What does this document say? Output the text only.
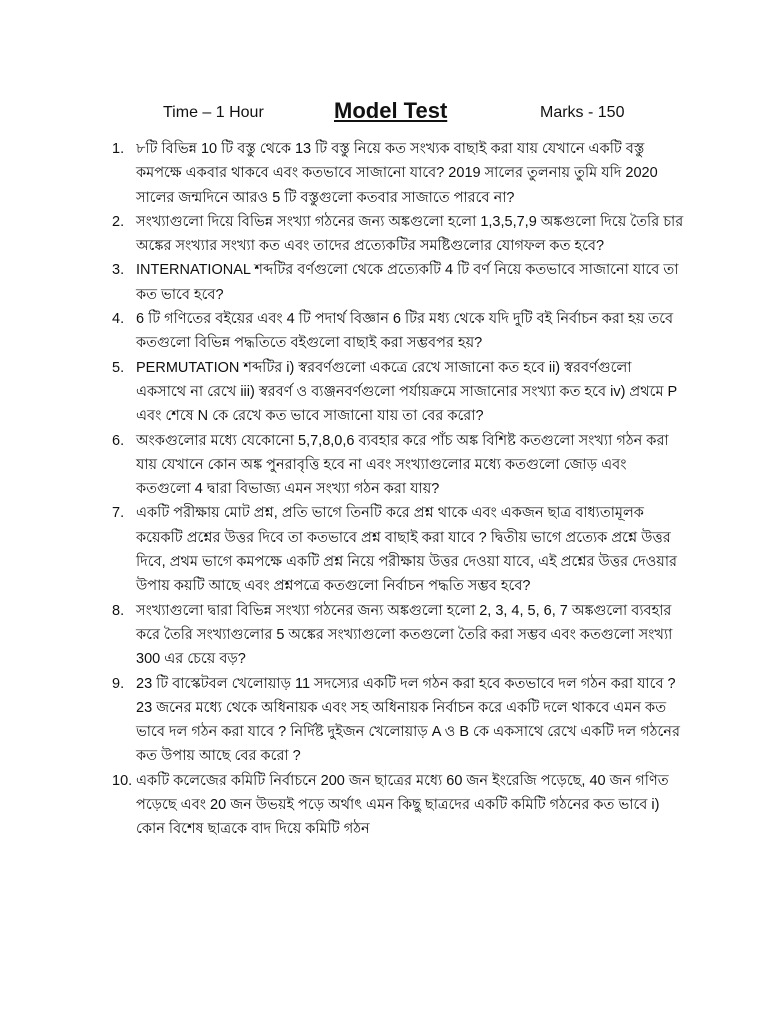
Time – 1 Hour	Model Test	Marks - 150
1. ৮টি বিভিন্ন 10 টি বস্তু থেকে 13 টি বস্তু নিয়ে কত সংখ্যক বাছাই করা যায় যেখানে একটি বস্তু কমপক্ষে একবার থাকবে এবং কতভাবে সাজানো যাবে? 2019 সালের তুলনায় তুমি যদি 2020 সালের জন্মদিনে আরও 5 টি বস্তুগুলো কতবার সাজাতে পারবে না?
2. সংখ্যাগুলো দিয়ে বিভিন্ন সংখ্যা গঠনের জন্য অঙ্কগুলো হলো 1,3,5,7,9 অঙ্কগুলো দিয়ে তৈরি চার অঙ্কের সংখ্যার সংখ্যা কত এবং তাদের প্রত্যেকটির সমষ্টিগুলোর যোগফল কত হবে?
3. INTERNATIONAL শব্দটির বর্ণগুলো থেকে প্রত্যেকটি 4 টি বর্ণ নিয়ে কতভাবে সাজানো যাবে তা কত ভাবে হবে?
4. 6 টি গণিতের বইয়ের এবং 4 টি পদার্থ বিজ্ঞান 6 টির মধ্য থেকে যদি দুটি বই নির্বাচন করা হয় তবে কতগুলো বিভিন্ন পদ্ধতিতে বইগুলো বাছাই করা সম্ভবপর হয়?
5. PERMUTATION শব্দটির i) স্বরবর্ণগুলো একত্রে রেখে সাজানো কত হবে ii) স্বরবর্ণগুলো একসাথে না রেখে iii) স্বরবর্ণ ও ব্যঞ্জনবর্ণগুলো পর্যায়ক্রমে সাজানোর সংখ্যা কত হবে iv) প্রথমে P এবং শেষে N কে রেখে কত ভাবে সাজানো যায় তা বের করো?
6. অংকগুলোর মধ্যে যেকোনো 5,7,8,0,6 ব্যবহার করে পাঁচ অঙ্ক বিশিষ্ট কতগুলো সংখ্যা গঠন করা যায় যেখানে কোন অঙ্ক পুনরাবৃত্তি হবে না এবং সংখ্যাগুলোর মধ্যে কতগুলো জোড় এবং কতগুলো 4 দ্বারা বিভাজ্য এমন সংখ্যা গঠন করা যায়?
7. একটি পরীক্ষায় মোট প্রশ্ন, প্রতি ভাগে তিনটি করে প্রশ্ন থাকে এবং একজন ছাত্র বাধ্যতামূলক কয়েকটি প্রশ্নের উত্তর দিবে তা কতভাবে প্রশ্ন বাছাই করা যাবে ? দ্বিতীয় ভাগে প্রত্যেক প্রশ্নে উত্তর দিবে, প্রথম ভাগে কমপক্ষে একটি প্রশ্ন নিয়ে পরীক্ষায় উত্তর দেওয়া যাবে, এই প্রশ্নের উত্তর দেওয়ার উপায় কয়টি আছে এবং প্রশ্নপত্রে কতগুলো নির্বাচন পদ্ধতি সম্ভব হবে?
8. সংখ্যাগুলো দ্বারা বিভিন্ন সংখ্যা গঠনের জন্য অঙ্কগুলো হলো 2, 3, 4, 5, 6, 7 অঙ্কগুলো ব্যবহার করে তৈরি সংখ্যাগুলোর 5 অঙ্কের সংখ্যাগুলো কতগুলো তৈরি করা সম্ভব এবং কতগুলো সংখ্যা 300 এর চেয়ে বড়?
9. 23 টি বাস্কেটবল খেলোয়াড় 11 সদস্যের একটি দল গঠন করা হবে কতভাবে দল গঠন করা যাবে ? 23 জনের মধ্যে থেকে অধিনায়ক এবং সহ অধিনায়ক নির্বাচন করে একটি দলে থাকবে এমন কত ভাবে দল গঠন করা যাবে ? নির্দিষ্ট দুইজন খেলোয়াড় A ও B কে একসাথে রেখে একটি দল গঠনের কত উপায় আছে বের করো ?
10. একটি কলেজের কমিটি নির্বাচনে 200 জন ছাত্রের মধ্যে 60 জন ইংরেজি পড়েছে, 40 জন গণিত পড়েছে এবং 20 জন উভয়ই পড়ে অর্থাৎ এমন কিছু ছাত্রদের একটি কমিটি গঠনের কত ভাবে i) কোন বিশেষ ছাত্রকে বাদ দিয়ে কমিটি গঠন
